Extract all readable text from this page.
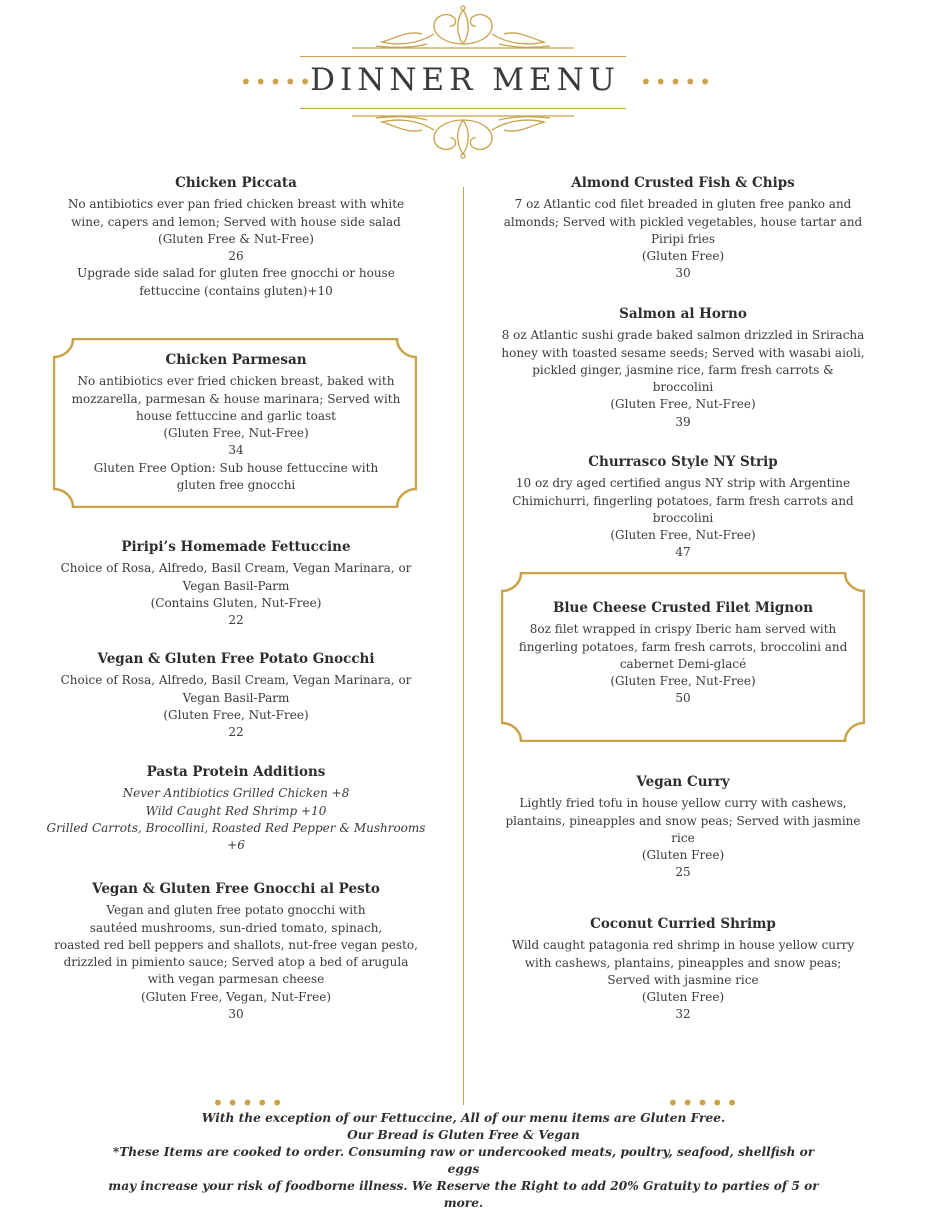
DINNER MENU
•••••	•••••
Chicken Piccata
No antibiotics ever pan fried chicken breast with white
wine, capers and lemon; Served with house side salad
(Gluten Free & Nut-Free)
26
Upgrade side salad for gluten free gnocchi or house
fettuccine (contains gluten)+10
Chicken Parmesan
No antibiotics ever fried chicken breast, baked with
mozzarella, parmesan & house marinara; Served with
house fettuccine and garlic toast
(Gluten Free, Nut-Free)
34
Gluten Free Option: Sub house fettuccine with
gluten free gnocchi
Piripi’s Homemade Fettuccine
Choice of Rosa, Alfredo, Basil Cream, Vegan Marinara, or
Vegan Basil-Parm
(Contains Gluten, Nut-Free)
22
Vegan & Gluten Free Potato Gnocchi
Choice of Rosa, Alfredo, Basil Cream, Vegan Marinara, or
Vegan Basil-Parm
(Gluten Free, Nut-Free)
22
Pasta Protein Additions
Never Antibiotics Grilled Chicken +8
Wild Caught Red Shrimp +10
Grilled Carrots, Brocollini, Roasted Red Pepper & Mushrooms +6
Vegan & Gluten Free Gnocchi al Pesto
Vegan and gluten free potato gnocchi with
sautéed mushrooms, sun-dried tomato, spinach,
roasted red bell peppers and shallots, nut-free vegan pesto,
drizzled in pimiento sauce; Served atop a bed of arugula
with vegan parmesan cheese
(Gluten Free, Vegan, Nut-Free)
30
Almond Crusted Fish & Chips
7 oz Atlantic cod filet breaded in gluten free panko and
almonds; Served with pickled vegetables, house tartar and
Piripi fries
(Gluten Free)
30
Salmon al Horno
8 oz Atlantic sushi grade baked salmon drizzled in Sriracha
honey with toasted sesame seeds; Served with wasabi aioli,
pickled ginger, jasmine rice, farm fresh carrots &
broccolini
(Gluten Free, Nut-Free)
39
Churrasco Style NY Strip
10 oz dry aged certified angus NY strip with Argentine
Chimichurri, fingerling potatoes, farm fresh carrots and
broccolini
(Gluten Free, Nut-Free)
47
Blue Cheese Crusted Filet Mignon
8oz filet wrapped in crispy Iberic ham served with
fingerling potatoes, farm fresh carrots, broccolini and
cabernet Demi-glacé
(Gluten Free, Nut-Free)
50
Vegan Curry
Lightly fried tofu in house yellow curry with cashews,
plantains, pineapples and snow peas; Served with jasmine
rice
(Gluten Free)
25
Coconut Curried Shrimp
Wild caught patagonia red shrimp in house yellow curry
with cashews, plantains, pineapples and snow peas;
Served with jasmine rice
(Gluten Free)
32
•••••	•••••
With the exception of our Fettuccine, All of our menu items are Gluten Free.
Our Bread is Gluten Free & Vegan
*These Items are cooked to order. Consuming raw or undercooked meats, poultry, seafood, shellfish or eggs
may increase your risk of foodborne illness. We Reserve the Right to add 20% Gratuity to parties of 5 or
more.
